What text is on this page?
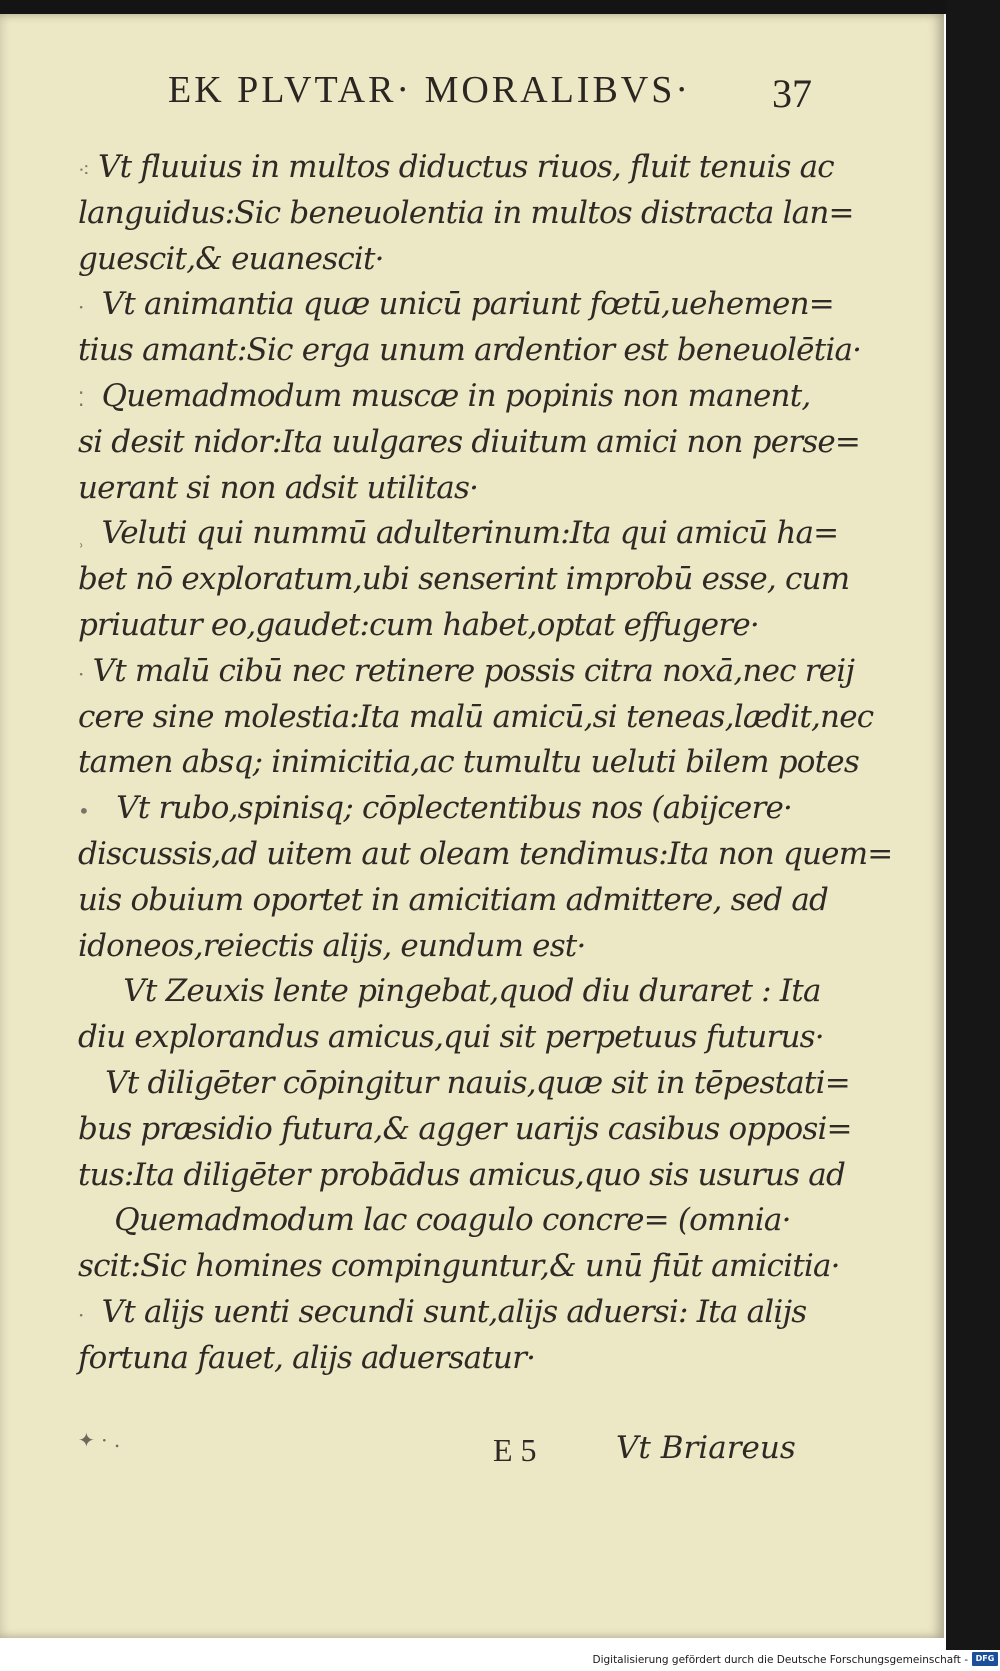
EK PLVTAR· MORALIBVS·	37
⁖ Vt fluuius in multos diductus riuos, fluit tenuis ac
languidus:Sic beneuolentia in multos distracta lan=
guescit,& euanescit·
· Vt animantia quæ unicū pariunt fœtū,uehemen=
tius amant:Sic erga unum ardentior est beneuolētia·
⁚ Quemadmodum muscæ in popinis non manent,
si desit nidor:Ita uulgares diuitum amici non perse=
uerant si non adsit utilitas·
⸒ Veluti qui nummū adulterinum:Ita qui amicū ha=
bet nō exploratum,ubi senserint improbū esse, cum
priuatur eo,gaudet:cum habet,optat effugere·
· Vt malū cibū nec retinere possis citra noxā,nec reij
cere sine molestia:Ita malū amicū,si teneas,lædit,nec
tamen absq; inimicitia,ac tumultu ueluti bilem potes
• Vt rubo,spinisq; cōplectentibus nos (abijcere·
discussis,ad uitem aut oleam tendimus:Ita non quem=
uis obuium oportet in amicitiam admittere, sed ad
idoneos,reiectis alijs, eundum est·
Vt Zeuxis lente pingebat,quod diu duraret : Ita
diu explorandus amicus,qui sit perpetuus futurus·
Vt diligēter cōpingitur nauis,quæ sit in tēpestati=
bus præsidio futura,& agger uarijs casibus opposi=
tus:Ita diligēter probādus amicus,quo sis usurus ad
Quemadmodum lac coagulo concre= (omnia·
scit:Sic homines compinguntur,& unū fiūt amicitia·
· Vt alijs uenti secundi sunt,alijs aduersi: Ita alijs
fortuna fauet, alijs aduersatur·
✦ · .	E 5	Vt Briareus
Digitalisierung gefördert durch die Deutsche Forschungsgemeinschaft - DFG
